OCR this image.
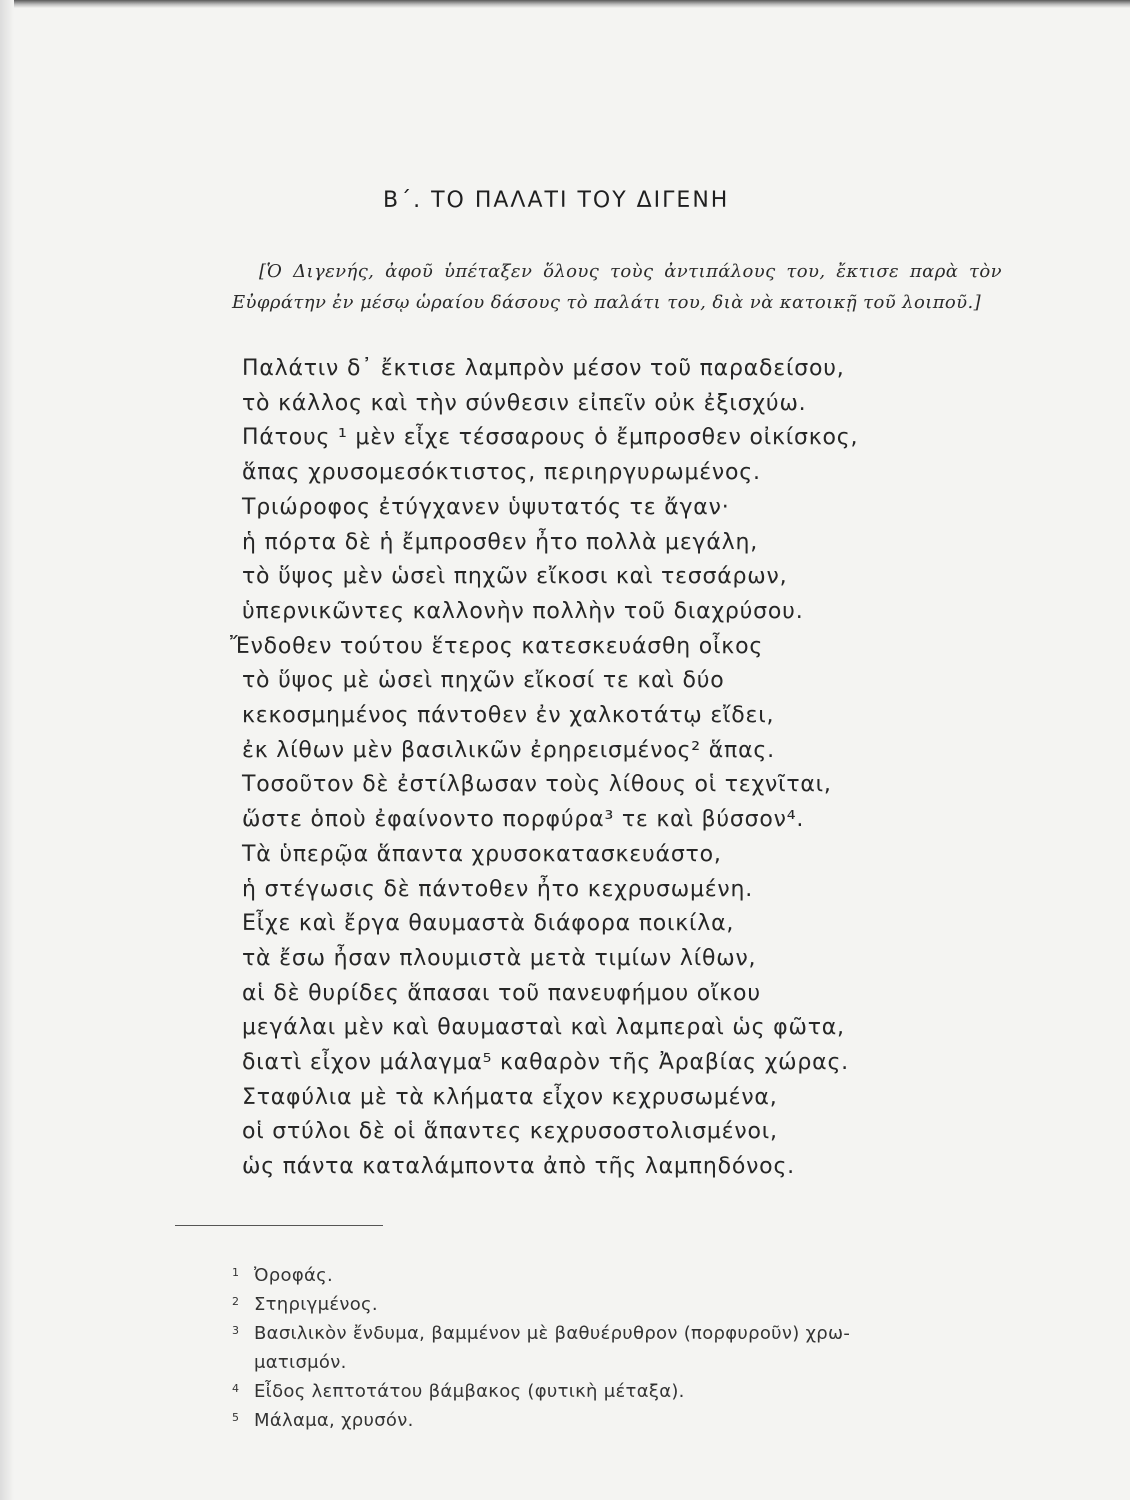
Β΄. ΤΟ ΠΑΛΑΤΙ ΤΟΥ ΔΙΓΕΝΗ
[Ὁ Διγενής, ἀφοῦ ὑπέταξεν ὅλους τοὺς ἀντιπάλους του, ἔκτισε παρὰ τὸν Εὐφράτην ἐν μέσῳ ὡραίου δάσους τὸ παλάτι του, διὰ νὰ κατοικῇ τοῦ λοιποῦ.]
Παλάτιν δ᾽ ἔκτισε λαμπρὸν μέσον τοῦ παραδείσου,
τὸ κάλλος καὶ τὴν σύνθεσιν εἰπεῖν οὐκ ἐξισχύω.
Πάτους ¹ μὲν εἶχε τέσσαρους ὁ ἔμπροσθεν οἰκίσκος,
ἅπας χρυσομεσόκτιστος, περιηργυρωμένος.
Τριώροφος ἐτύγχανεν ὑψυτατός τε ἄγαν·
ἡ πόρτα δὲ ἡ ἔμπροσθεν ἦτο πολλὰ μεγάλη,
τὸ ὕψος μὲν ὡσεὶ πηχῶν εἴκοσι καὶ τεσσάρων,
ὑπερνικῶντες καλλονὴν πολλὴν τοῦ διαχρύσου.
Ἔνδοθεν τούτου ἕτερος κατεσκευάσθη οἶκος
τὸ ὕψος μὲ ὡσεὶ πηχῶν εἴκοσί τε καὶ δύο
κεκοσμημένος πάντοθεν ἐν χαλκοτάτῳ εἴδει,
ἐκ λίθων μὲν βασιλικῶν ἐρηρεισμένος² ἅπας.
Τοσοῦτον δὲ ἐστίλβωσαν τοὺς λίθους οἱ τεχνῖται,
ὥστε ὁποὺ ἐφαίνοντο πορφύρα³ τε καὶ βύσσον⁴.
Τὰ ὑπερῷα ἅπαντα χρυσοκατασκευάστο,
ἡ στέγωσις δὲ πάντοθεν ἦτο κεχρυσωμένη.
Εἶχε καὶ ἔργα θαυμαστὰ διάφορα ποικίλα,
τὰ ἔσω ἦσαν πλουμιστὰ μετὰ τιμίων λίθων,
αἱ δὲ θυρίδες ἅπασαι τοῦ πανευφήμου οἴκου
μεγάλαι μὲν καὶ θαυμασταὶ καὶ λαμπεραὶ ὡς φῶτα,
διατὶ εἶχον μάλαγμα⁵ καθαρὸν τῆς Ἀραβίας χώρας.
Σταφύλια μὲ τὰ κλήματα εἶχον κεχρυσωμένα,
οἱ στύλοι δὲ οἱ ἅπαντες κεχρυσοστολισμένοι,
ὡς πάντα καταλάμποντα ἀπὸ τῆς λαμπηδόνος.
1 Ὀροφάς.
2 Στηριγμένος.
3 Βασιλικὸν ἔνδυμα, βαμμένον μὲ βαθυέρυθρον (πορφυροῦν) χρω-
ματισμόν.
4 Εἶδος λεπτοτάτου βάμβακος (φυτικὴ μέταξα).
5 Μάλαμα, χρυσόν.
